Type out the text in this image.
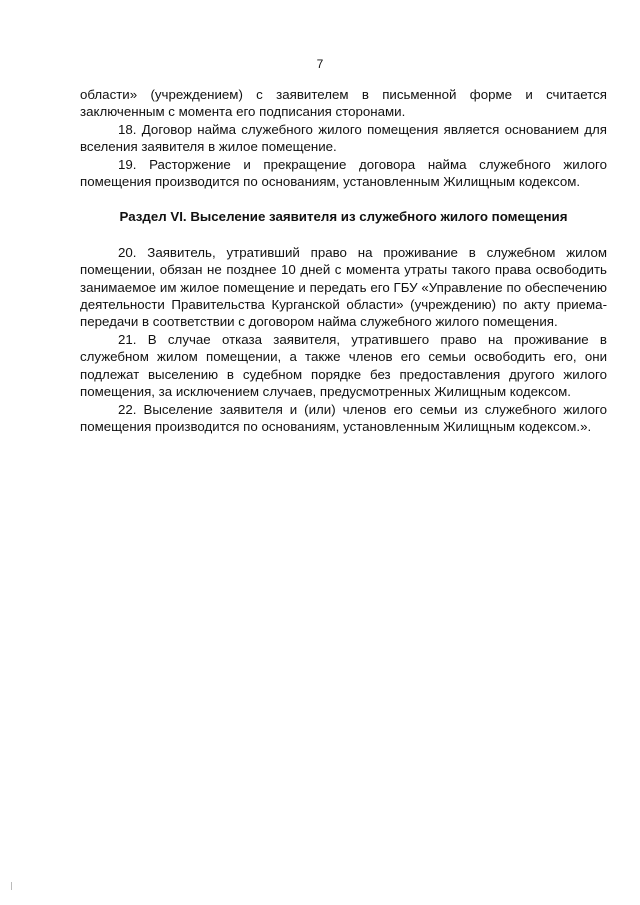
7

области» (учреждением) с заявителем в письменной форме и считается заключенным с момента его подписания сторонами.

18. Договор найма служебного жилого помещения является основанием для вселения заявителя в жилое помещение.

19. Расторжение и прекращение договора найма служебного жилого помещения производится по основаниям, установленным Жилищным кодексом.

Раздел VI. Выселение заявителя из служебного жилого помещения

20. Заявитель, утративший право на проживание в служебном жилом помещении, обязан не позднее 10 дней с момента утраты такого права освободить занимаемое им жилое помещение и передать его ГБУ «Управление по обеспечению деятельности Правительства Курганской области» (учреждению) по акту приема-передачи в соответствии с договором найма служебного жилого помещения.

21. В случае отказа заявителя, утратившего право на проживание в служебном жилом помещении, а также членов его семьи освободить его, они подлежат выселению в судебном порядке без предоставления другого жилого помещения, за исключением случаев, предусмотренных Жилищным кодексом.

22. Выселение заявителя и (или) членов его семьи из служебного жилого помещения производится по основаниям, установленным Жилищным кодексом.».
